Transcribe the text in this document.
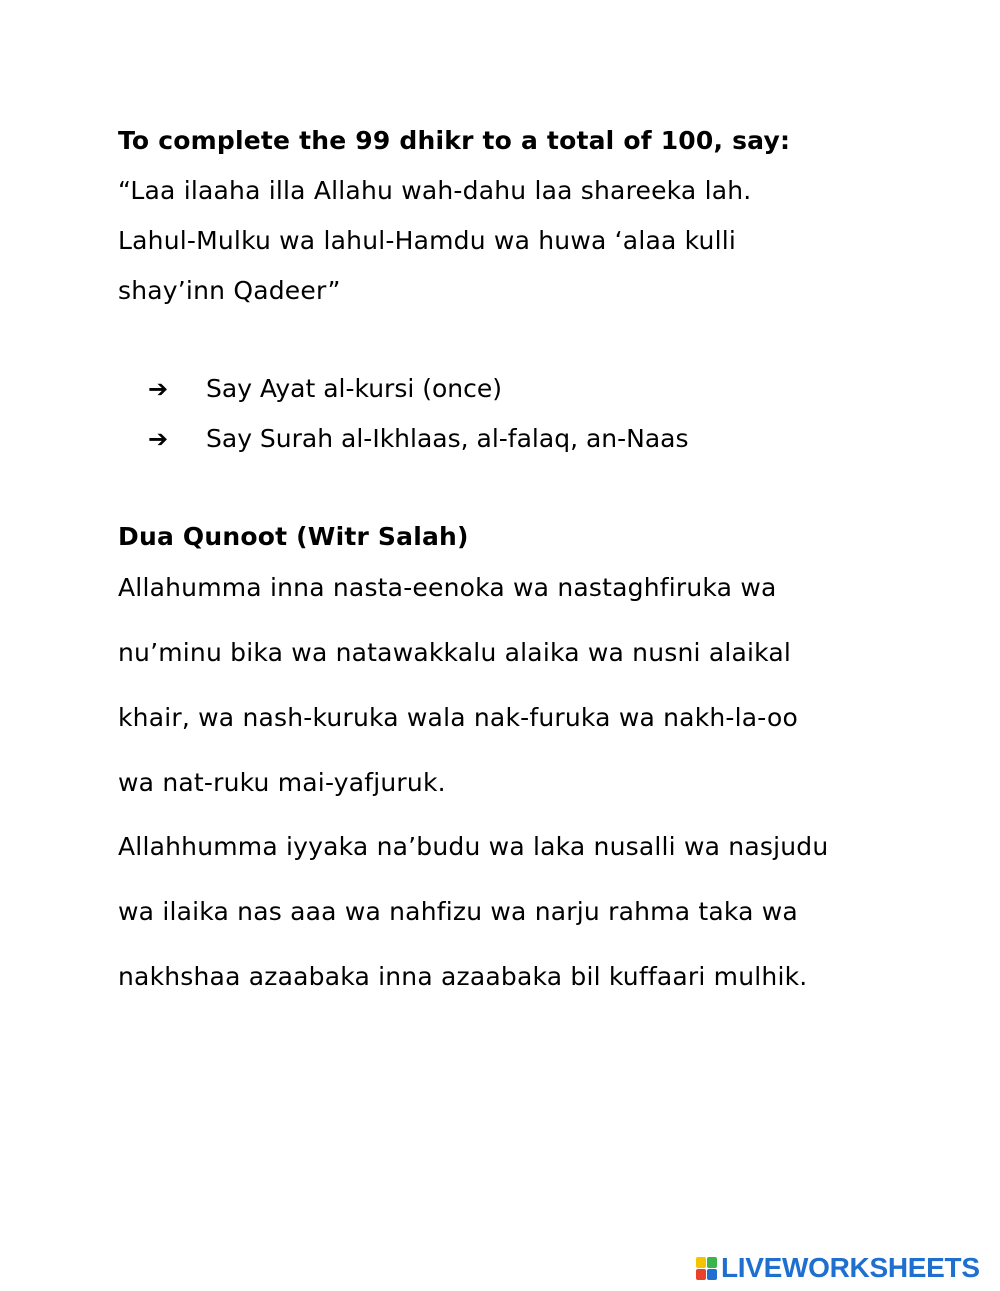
To complete the 99 dhikr to a total of 100, say:
“Laa ilaaha illa Allahu wah-dahu laa shareeka lah.
Lahul-Mulku wa lahul-Hamdu wa huwa ‘alaa kulli
shay’inn Qadeer”
➔ Say Ayat al-kursi (once)
➔ Say Surah al-Ikhlaas, al-falaq, an-Naas
Dua Qunoot (Witr Salah)
Allahumma inna nasta-eenoka wa nastaghfiruka wa
nu’minu bika wa natawakkalu alaika wa nusni alaikal
khair, wa nash-kuruka wala nak-furuka wa nakh-la-oo
wa nat-ruku mai-yafjuruk.
Allahhumma iyyaka na’budu wa laka nusalli wa nasjudu
wa ilaika nas aaa wa nahfizu wa narju rahma taka wa
nakhshaa azaabaka inna azaabaka bil kuffaari mulhik.
LIVEWORKSHEETS
